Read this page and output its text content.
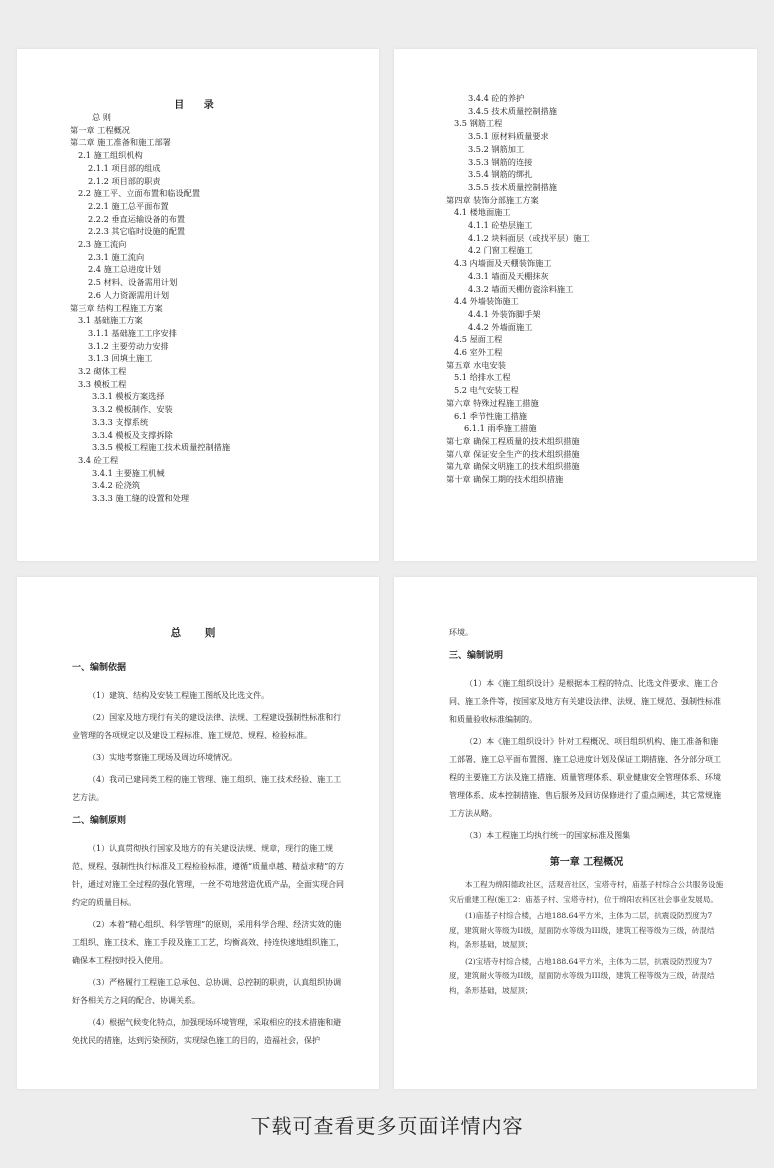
目 录
总 则
第一章 工程概况
第二章 施工准备和施工部署
2.1 施工组织机构
2.1.1 项目部的组成
2.1.2 项目部的职责
2.2 施工平、立面布置和临设配置
2.2.1 施工总平面布置
2.2.2 垂直运输设备的布置
2.2.3 其它临时设施的配置
2.3 施工流向
2.3.1 施工流向
2.4 施工总进度计划
2.5 材料、设备需用计划
2.6 人力资源需用计划
第三章 结构工程施工方案
3.1 基础施工方案
3.1.1 基础施工工序安排
3.1.2 主要劳动力安排
3.1.3 回填土施工
3.2 砌体工程
3.3 模板工程
3.3.1 模板方案选择
3.3.2 模板制作、安装
3.3.3 支撑系统
3.3.4 模板及支撑拆除
3.3.5 模板工程施工技术质量控制措施
3.4 砼工程
3.4.1 主要施工机械
3.4.2 砼浇筑
3.3.3 施工缝的设置和处理
3.4.4 砼的养护
3.4.5 技术质量控制措施
3.5 钢筋工程
3.5.1 原材料质量要求
3.5.2 钢筋加工
3.5.3 钢筋的连接
3.5.4 钢筋的绑扎
3.5.5 技术质量控制措施
第四章 装饰分部施工方案
4.1 楼地面施工
4.1.1 砼垫层施工
4.1.2 块料面层（或找平层）施工
4.2 门窗工程施工
4.3 内墙面及天棚装饰施工
4.3.1 墙面及天棚抹灰
4.3.2 墙面天棚仿瓷涂料施工
4.4 外墙装饰施工
4.4.1 外装饰脚手架
4.4.2 外墙面施工
4.5 屋面工程
4.6 室外工程
第五章 水电安装
5.1 给排水工程
5.2 电气安装工程
第六章 特殊过程施工措施
6.1 季节性施工措施
6.1.1 雨季施工措施
第七章 确保工程质量的技术组织措施
第八章 保证安全生产的技术组织措施
第九章 确保文明施工的技术组织措施
第十章 确保工期的技术组织措施
总 则
一、编制依据
（1）建筑、结构及安装工程施工图纸及比选文件。
（2）国家及地方现行有关的建设法律、法规、工程建设强制性标准和行业管理的各项规定以及建设工程标准、施工规范、规程、检验标准。
（3）实地考察施工现场及周边环境情况。
（4）我司已建同类工程的施工管理、施工组织、施工技术经验、施工工艺方法。
二、编制原则
（1）认真贯彻执行国家及地方的有关建设法规、规章，现行的施工规范、规程、强制性执行标准及工程检验标准，遵循“质量卓越、精益求精”的方针，通过对施工全过程的强化管理，一丝不苟地营造优质产品，全面实现合同约定的质量目标。
（2）本着“精心组织、科学管理”的原则，采用科学合理、经济实效的施工组织、施工技术、施工手段及施工工艺，均衡高效、持连快速地组织施工，确保本工程按时投入使用。
（3）严格履行工程施工总承包、总协调、总控制的职责，认真组织协调好各相关方之间的配合、协调关系。
（4）根据气候变化特点，加强现场环境管理，采取相应的技术措施和避免扰民的措施，达到污染预防，实现绿色施工的目的，造福社会，保护
环境。
三、编制说明
（1）本《施工组织设计》是根据本工程的特点、比选文件要求、施工合同、施工条件等，按国家及地方有关建设法律、法规、施工规范、强制性标准和质量验收标准编制的。
（2）本《施工组织设计》针对工程概况、项目组织机构、施工准备和施工部署、施工总平面布置图、施工总进度计划及保证工期措施、各分部分项工程的主要施工方法及施工措施、质量管理体系、职业健康安全管理体系、环境管理体系、成本控制措施、售后服务及回访保修进行了重点阐述，其它常规施工方法从略。
（3）本工程施工均执行统一的国家标准及图集
第一章 工程概况
本工程为绵阳德政社区，活观音社区，宝塔寺村，庙基子村综合公共服务设施灾后重建工程(施工2：庙基子村、宝塔寺村)，位于绵阳农科区社会事业发展局。
(1)庙基子村综合楼，占地188.64平方米，主体为二层，抗震设防烈度为7度，建筑耐火等级为II级，屋面防水等级为III级，建筑工程等级为三级，砖混结构，条形基础，坡屋顶；
(2)宝塔寺村综合楼，占地188.64平方米，主体为二层，抗震设防烈度为7度，建筑耐火等级为II级，屋面防水等级为III级，建筑工程等级为三级，砖混结构，条形基础，坡屋顶；
下载可查看更多页面详情内容
